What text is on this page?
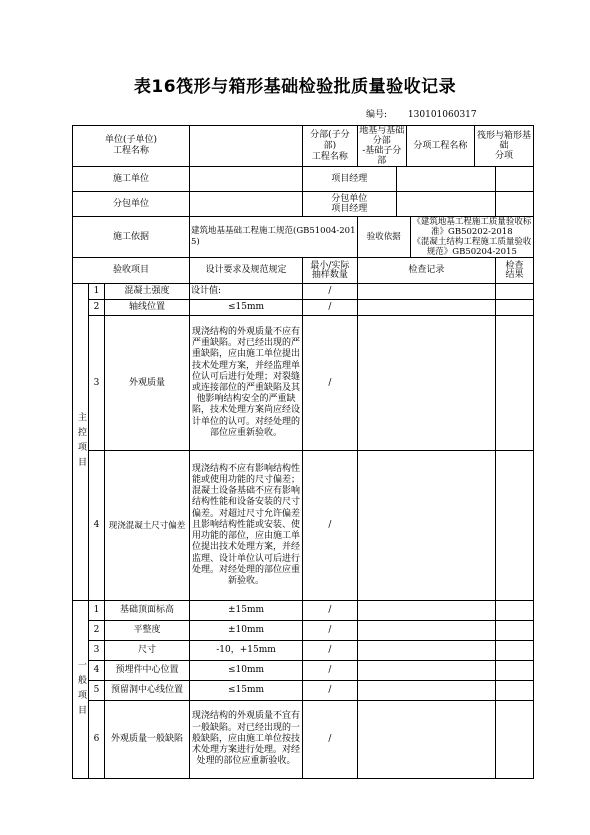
表16筏形与箱形基础检验批质量验收记录
编号: 130101060317
单位(子单位)
工程名称		分部(子分部)
工程名称	
地基与基础分部
-基础子分部	分项工程名称	筏形与箱形基础
分项

施工单位			项目经理	

分包单位			分包单位
项目经理	

施工依据	建筑地基基础工程施工规范(GB51004-2015)		验收依据	《建筑地基工程施工质量验收标准》GB50202-2018
《混凝土结构工程施工质量验收规范》GB50204-2015

验收项目	设计要求及规范规定	最小/实际
抽样数量	检查记录	检查
结果

主控项目
	1	混凝土强度	设计值:	/		
2	轴线位置	≤15mm	/		
3	外观质量	现浇结构的外观质量不应有严重缺陷。对已经出现的严重缺陷，应由施工单位提出技术处理方案，并经监理单位认可后进行处理；对裂缝或连接部位的严重缺陷及其他影响结构安全的严重缺陷，技术处理方案尚应经设计单位的认可。对经处理的部位应重新验收。	/		
4	现浇混凝土尺寸偏差	现浇结构不应有影响结构性能或使用功能的尺寸偏差；混凝土设备基础不应有影响结构性能和设备安装的尺寸偏差。对超过尺寸允许偏差且影响结构性能或安装、使用功能的部位，应由施工单位提出技术处理方案，并经监理、设计单位认可后进行处理。对经处理的部位应重新验收。	/		

一般项目
	1	基础顶面标高	±15mm	/		
2	平整度	±10mm	/		
3	尺寸	-10，+15mm	/		
4	预埋件中心位置	≤10mm	/		
5	预留洞中心线位置	≤15mm	/		
6	外观质量一般缺陷	现浇结构的外观质量不宜有一般缺陷。对已经出现的一般缺陷，应由施工单位按技术处理方案进行处理。对经处理的部位应重新验收。	/		
